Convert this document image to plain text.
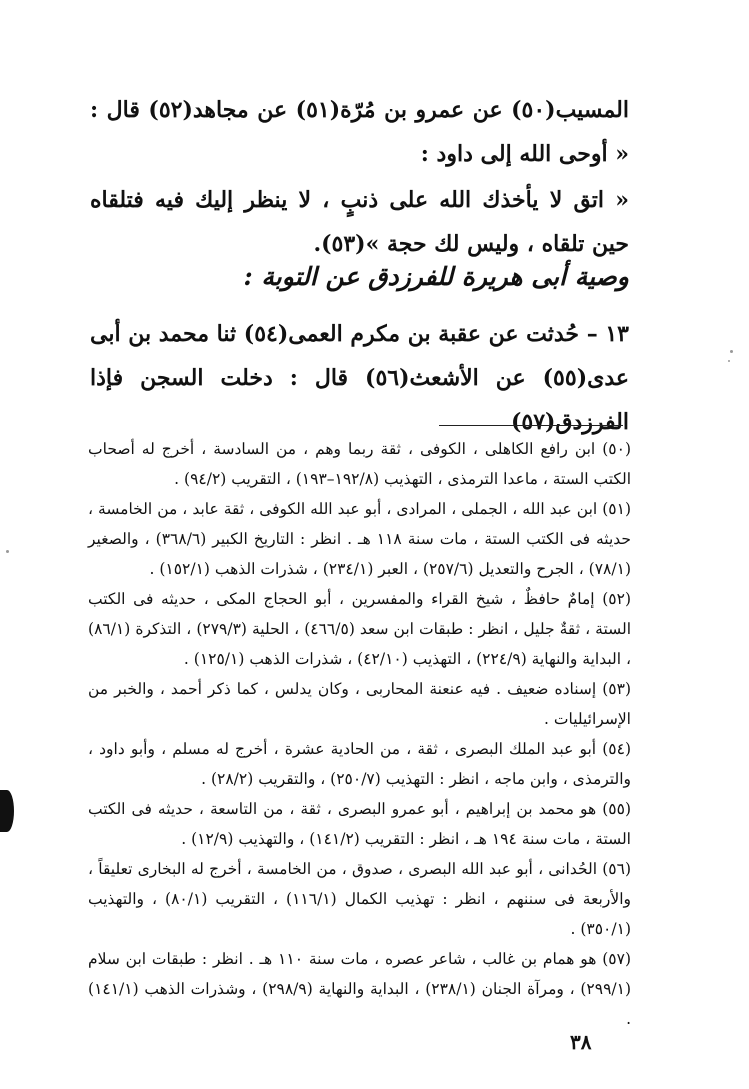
المسيب(٥٠) عن عمرو بن مُرّة(٥١) عن مجاهد(٥٢) قال : « أوحى الله إلى داود :

« اتق لا يأخذك الله على ذنبٍ ، لا ينظر إليك فيه فتلقاه حين تلقاه ، وليس لك حجة »(٥٣).

وصية أبى هريرة للفرزدق عن التوبة :

١٣ – حُدثت عن عقبة بن مكرم العمى(٥٤) ثنا محمد بن أبى عدى(٥٥) عن الأشعث(٥٦) قال : دخلت السجن فإذا الفرزدق(٥٧)

(٥٠) ابن رافع الكاهلى ، الكوفى ، ثقة ربما وهم ، من السادسة ، أخرج له أصحاب الكتب الستة ، ماعدا الترمذى ، التهذيب (١٩٢/٨–١٩٣) ، التقريب (٩٤/٢) .

(٥١) ابن عبد الله ، الجملى ، المرادى ، أبو عبد الله الكوفى ، ثقة عابد ، من الخامسة ، حديثه فى الكتب الستة ، مات سنة ١١٨ هـ . انظر : التاريخ الكبير (٣٦٨/٦) ، والصغير (٧٨/١) ، الجرح والتعديل (٢٥٧/٦) ، العبر (٢٣٤/١) ، شذرات الذهب (١٥٢/١) .

(٥٢) إمامٌ حافظٌ ، شيخ القراء والمفسرين ، أبو الحجاج المكى ، حديثه فى الكتب الستة ، ثقةٌ جليل ، انظر : طبقات ابن سعد (٤٦٦/٥) ، الحلية (٢٧٩/٣) ، التذكرة (٨٦/١) ، البداية والنهاية (٢٢٤/٩) ، التهذيب (٤٢/١٠) ، شذرات الذهب (١٢٥/١) .

(٥٣) إسناده ضعيف . فيه عنعنة المحاربى ، وكان يدلس ، كما ذكر أحمد ، والخبر من الإسرائيليات .

(٥٤) أبو عبد الملك البصرى ، ثقة ، من الحادية عشرة ، أخرج له مسلم ، وأبو داود ، والترمذى ، وابن ماجه ، انظر : التهذيب (٢٥٠/٧) ، والتقريب (٢٨/٢) .

(٥٥) هو محمد بن إبراهيم ، أبو عمرو البصرى ، ثقة ، من التاسعة ، حديثه فى الكتب الستة ، مات سنة ١٩٤ هـ ، انظر : التقريب (١٤١/٢) ، والتهذيب (١٢/٩) .

(٥٦) الحُدانى ، أبو عبد الله البصرى ، صدوق ، من الخامسة ، أخرج له البخارى تعليقاً ، والأربعة فى سننهم ، انظر : تهذيب الكمال (١١٦/١) ، التقريب (٨٠/١) ، والتهذيب (٣٥٠/١) .

(٥٧) هو همام بن غالب ، شاعر عصره ، مات سنة ١١٠ هـ . انظر : طبقات ابن سلام (٢٩٩/١) ، ومرآة الجنان (٢٣٨/١) ، البداية والنهاية (٢٩٨/٩) ، وشذرات الذهب (١٤١/١) .

٣٨
